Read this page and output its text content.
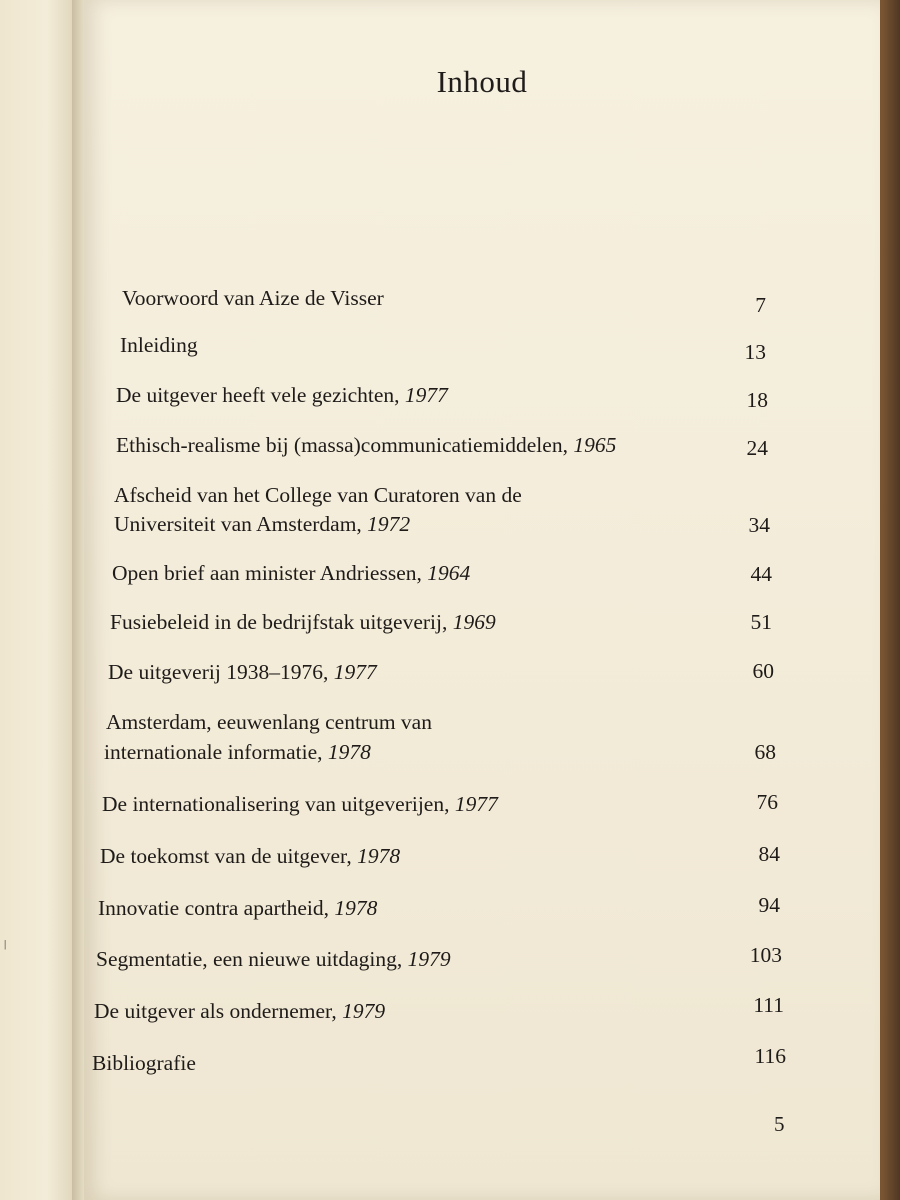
|
Inhoud
Voorwoord van Aize de Visser	7
Inleiding	13
De uitgever heeft vele gezichten, 1977	18
Ethisch-realisme bij (massa)communicatiemiddelen, 1965	24
Afscheid van het College van Curatoren van de
Universiteit van Amsterdam, 1972	34
Open brief aan minister Andriessen, 1964	44
Fusiebeleid in de bedrijfstak uitgeverij, 1969	51
De uitgeverij 1938–1976, 1977	60
Amsterdam, eeuwenlang centrum van
internationale informatie, 1978	68
De internationalisering van uitgeverijen, 1977	76
De toekomst van de uitgever, 1978	84
Innovatie contra apartheid, 1978	94
Segmentatie, een nieuwe uitdaging, 1979	103
De uitgever als ondernemer, 1979	111
Bibliografie	116
5
